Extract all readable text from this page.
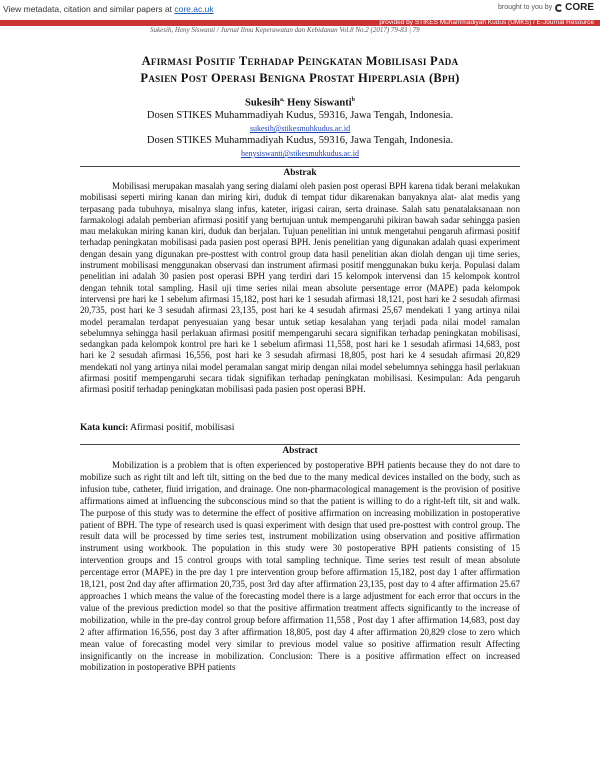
View metadata, citation and similar papers at core.ac.uk	brought to you by CORE
provided by STIKES Muhammadiyah Kudus (UMKS) / E-Journal Resource
Sukesih, Heny Siswanti / Jurnal Ilmu Keperawatan dan Kebidanan Vol.8 No.2 (2017) 79-83 | 79
Afirmasi Positif Terhadap Peingkatan Mobilisasi Pada
Pasien Post Operasi Benigna Prostat Hiperplasia (Bph)
Sukesih$^{a,}$ Heny Siswanti$^b$
Dosen STIKES Muhammadiyah Kudus, 59316, Jawa Tengah, Indonesia.
sukesih@stikesmuhkudus.ac.id
Dosen STIKES Muhammadiyah Kudus, 59316, Jawa Tengah, Indonesia.
henysiswanti@stikesmuhkudus.ac.id
Abstrak
Mobilisasi merupakan masalah yang sering dialami oleh pasien post operasi BPH karena tidak berani melakukan mobilisasi seperti miring kanan dan miring kiri, duduk di tempat tidur dikarenakan banyaknya alat- alat medis yang terpasang pada tubuhnya, misalnya slang infus, kateter, irigasi cairan, serta drainase. Salah satu penatalaksanaan non farmakologi adalah pemberian afirmasi positif yang bertujuan untuk mempengaruhi pikiran bawah sadar sehingga pasien mau melakukan miring kanan kiri, duduk dan berjalan. Tujuan penelitian ini untuk mengetahui pengaruh afirmasi positif terhadap peningkatan mobilisasi pada pasien post operasi BPH. Jenis penelitian yang digunakan adalah quasi experiment dengan desain yang digunakan pre-posttest with control group data hasil penelitian akan diolah dengan uji time series, instrument mobilisasi menggunakan observasi dan instrument afirmasi positif menggunakan buku kerja. Populasi dalam penelitian ini adalah 30 pasien post operasi BPH yang terdiri dari 15 kelompok intervensi dan 15 kelompok kontrol dengan tehnik total sampling. Hasil uji time series nilai mean absolute persentage error (MAPE) pada kelompok intervensi pre hari ke 1 sebelum afirmasi 15,182, post hari ke 1 sesudah afirmasi 18,121, post hari ke 2 sesudah afirmasi 20,735, post hari ke 3 sesudah afirmasi 23,135, post hari ke 4 sesudah afirmasi 25,67 mendekati 1 yang artinya nilai model peramalan terdapat penyesuaian yang besar untuk setiap kesalahan yang terjadi pada nilai model ramalan sebelumnya sehingga hasil perlakuan afirmasi positif mempengaruhi secara signifikan terhadap peningkatan mobilisasi, sedangkan pada kelompok kontrol pre hari ke 1 sebelum afirmasi 11,558, post hari ke 1 sesudah afirmasi 14,683, post hari ke 2 sesudah afirmasi 16,556, post hari ke 3 sesudah afirmasi 18,805, post hari ke 4 sesudah afirmasi 20,829 mendekati nol yang artinya nilai model peramalan sangat mirip dengan nilai model sebelumnya sehingga hasil perlakuan afirmasi positif mempengaruhi secara tidak signifikan terhadap peningkatan mobilisasi. Kesimpulan: Ada pengaruh afirmasi positif terhadap peningkatan mobilisasi pada pasien post operasi BPH.
Kata kunci: Afirmasi positif, mobilisasi
Abstract
Mobilization is a problem that is often experienced by postoperative BPH patients because they do not dare to mobilize such as right tilt and left tilt, sitting on the bed due to the many medical devices installed on the body, such as infusion tube, catheter, fluid irrigation, and drainage. One non-pharmacological management is the provision of positive affirmations aimed at influencing the subconscious mind so that the patient is willing to do a right-left tilt, sit and walk. The purpose of this study was to determine the effect of positive affirmation on increasing mobilization in postoperative patient of BPH. The type of research used is quasi experiment with design that used pre-posttest with control group. The result data will be processed by time series test, instrument mobilization using observation and positive affirmation instrument using workbook. The population in this study were 30 postoperative BPH patients consisting of 15 intervention groups and 15 control groups with total sampling technique. Time series test result of mean absolute percentage error (MAPE) in the pre day 1 pre intervention group before affirmation 15,182, post day 1 after affirmation 18,121, post 2nd day after affirmation 20,735, post 3rd day after affirmation 23,135, post day to 4 after affirmation 25.67 approaches 1 which means the value of the forecasting model there is a large adjustment for each error that occurs in the value of the previous prediction model so that the positive affirmation treatment affects significantly to the increase of mobilization, while in the pre-day control group before affirmation 11,558 , Post day 1 after affirmation 14,683, post day 2 after affirmation 16,556, post day 3 after affirmation 18,805, post day 4 after affirmation 20,829 close to zero which mean value of forecasting model very similar to previous model value so positive affirmation result Affecting insignificantly on the increase in mobilization. Conclusion: There is a positive affirmation effect on increased mobilization in postoperative BPH patients
